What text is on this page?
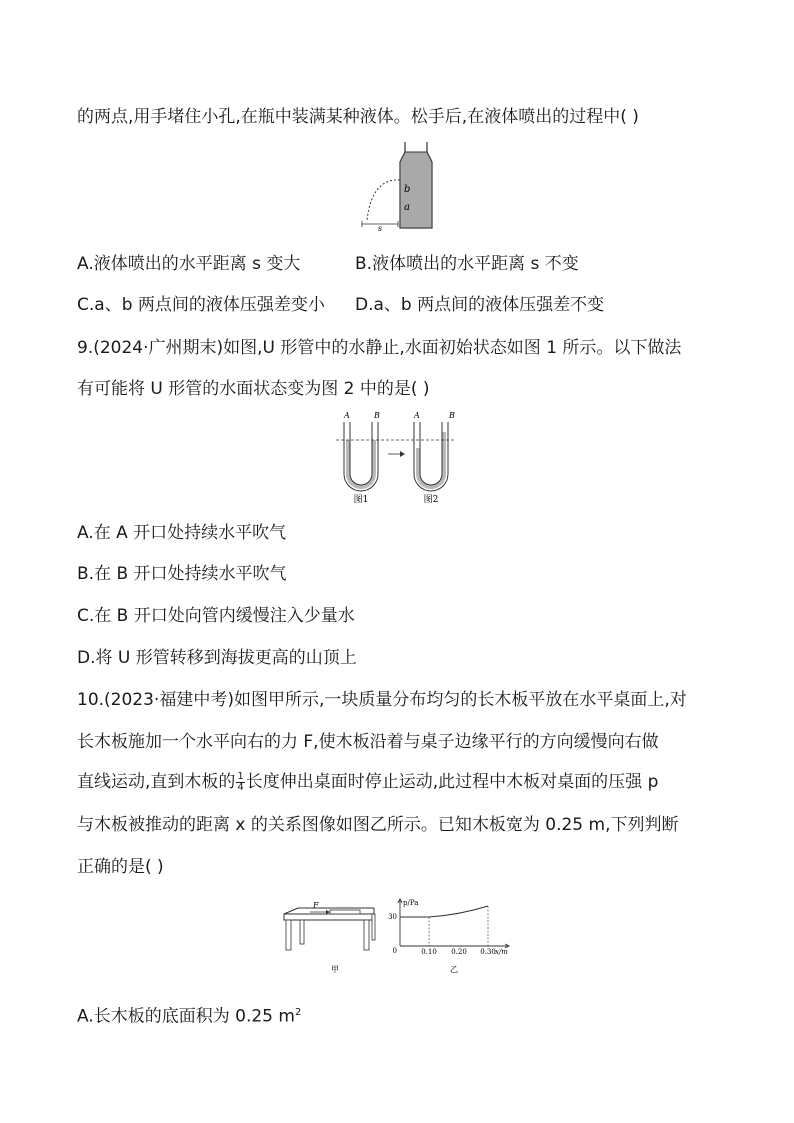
的两点,用手堵住小孔,在瓶中装满某种液体。松手后,在液体喷出的过程中( )
b
a
s
A.液体喷出的水平距离 s 变大	B.液体喷出的水平距离 s 不变
C.a、b 两点间的液体压强差变小 D.a、b 两点间的液体压强差不变
9.(2024·广州期末)如图,U 形管中的水静止,水面初始状态如图 1 所示。以下做法
有可能将 U 形管的水面状态变为图 2 中的是( )
A	B	A	B
图1	图2
A.在 A 开口处持续水平吹气
B.在 B 开口处持续水平吹气
C.在 B 开口处向管内缓慢注入少量水
D.将 U 形管转移到海拔更高的山顶上
10.(2023·福建中考)如图甲所示,一块质量分布均匀的长木板平放在水平桌面上,对
长木板施加一个水平向右的力 F,使木板沿着与桌子边缘平行的方向缓慢向右做
直线运动,直到木板的 $\frac{1}{4}$ 长度伸出桌面时停止运动,此过程中木板对桌面的压强 p
与木板被推动的距离 x 的关系图像如图乙所示。已知木板宽为 0.25 m,下列判断
正确的是( )
F
甲
p/Pa
30
0	0.10 0.20 0.30 x/m
乙
A.长木板的底面积为 0.25 $m^2$
